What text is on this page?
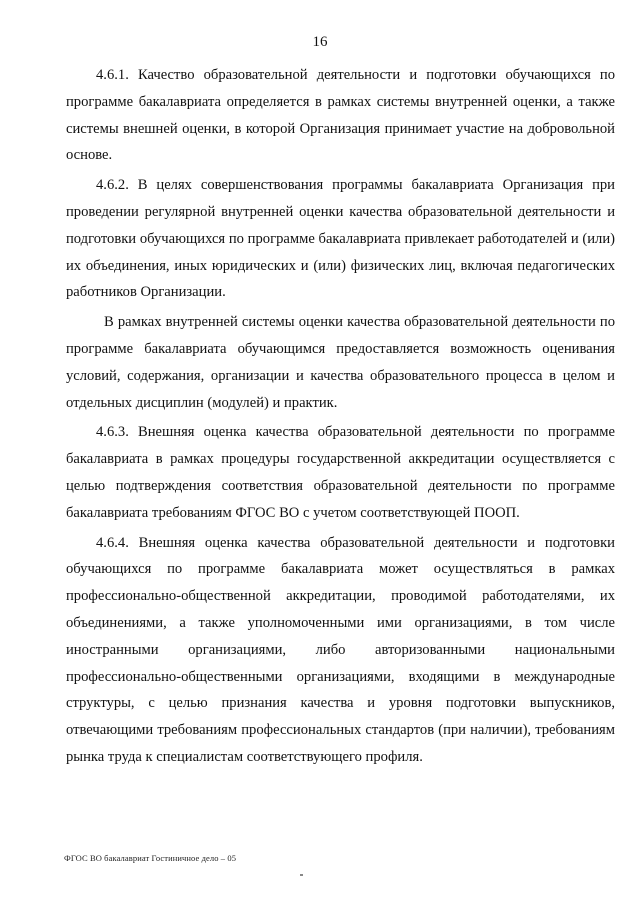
16

4.6.1. Качество образовательной деятельности и подготовки обучающихся по программе бакалавриата определяется в рамках системы внутренней оценки, а также системы внешней оценки, в которой Организация принимает участие на добровольной основе.

4.6.2. В целях совершенствования программы бакалавриата Организация при проведении регулярной внутренней оценки качества образовательной деятельности и подготовки обучающихся по программе бакалавриата привлекает работодателей и (или) их объединения, иных юридических и (или) физических лиц, включая педагогических работников Организации.

В рамках внутренней системы оценки качества образовательной деятельности по программе бакалавриата обучающимся предоставляется возможность оценивания условий, содержания, организации и качества образовательного процесса в целом и отдельных дисциплин (модулей) и практик.

4.6.3. Внешняя оценка качества образовательной деятельности по программе бакалавриата в рамках процедуры государственной аккредитации осуществляется с целью подтверждения соответствия образовательной деятельности по программе бакалавриата требованиям ФГОС ВО с учетом соответствующей ПООП.

4.6.4. Внешняя оценка качества образовательной деятельности и подготовки обучающихся по программе бакалавриата может осуществляться в рамках профессионально-общественной аккредитации, проводимой работодателями, их объединениями, а также уполномоченными ими организациями, в том числе иностранными организациями, либо авторизованными национальными профессионально-общественными организациями, входящими в международные структуры, с целью признания качества и уровня подготовки выпускников, отвечающими требованиям профессиональных стандартов (при наличии), требованиям рынка труда к специалистам соответствующего профиля.

ФГОС ВО бакалавриат Гостиничное дело – 05
